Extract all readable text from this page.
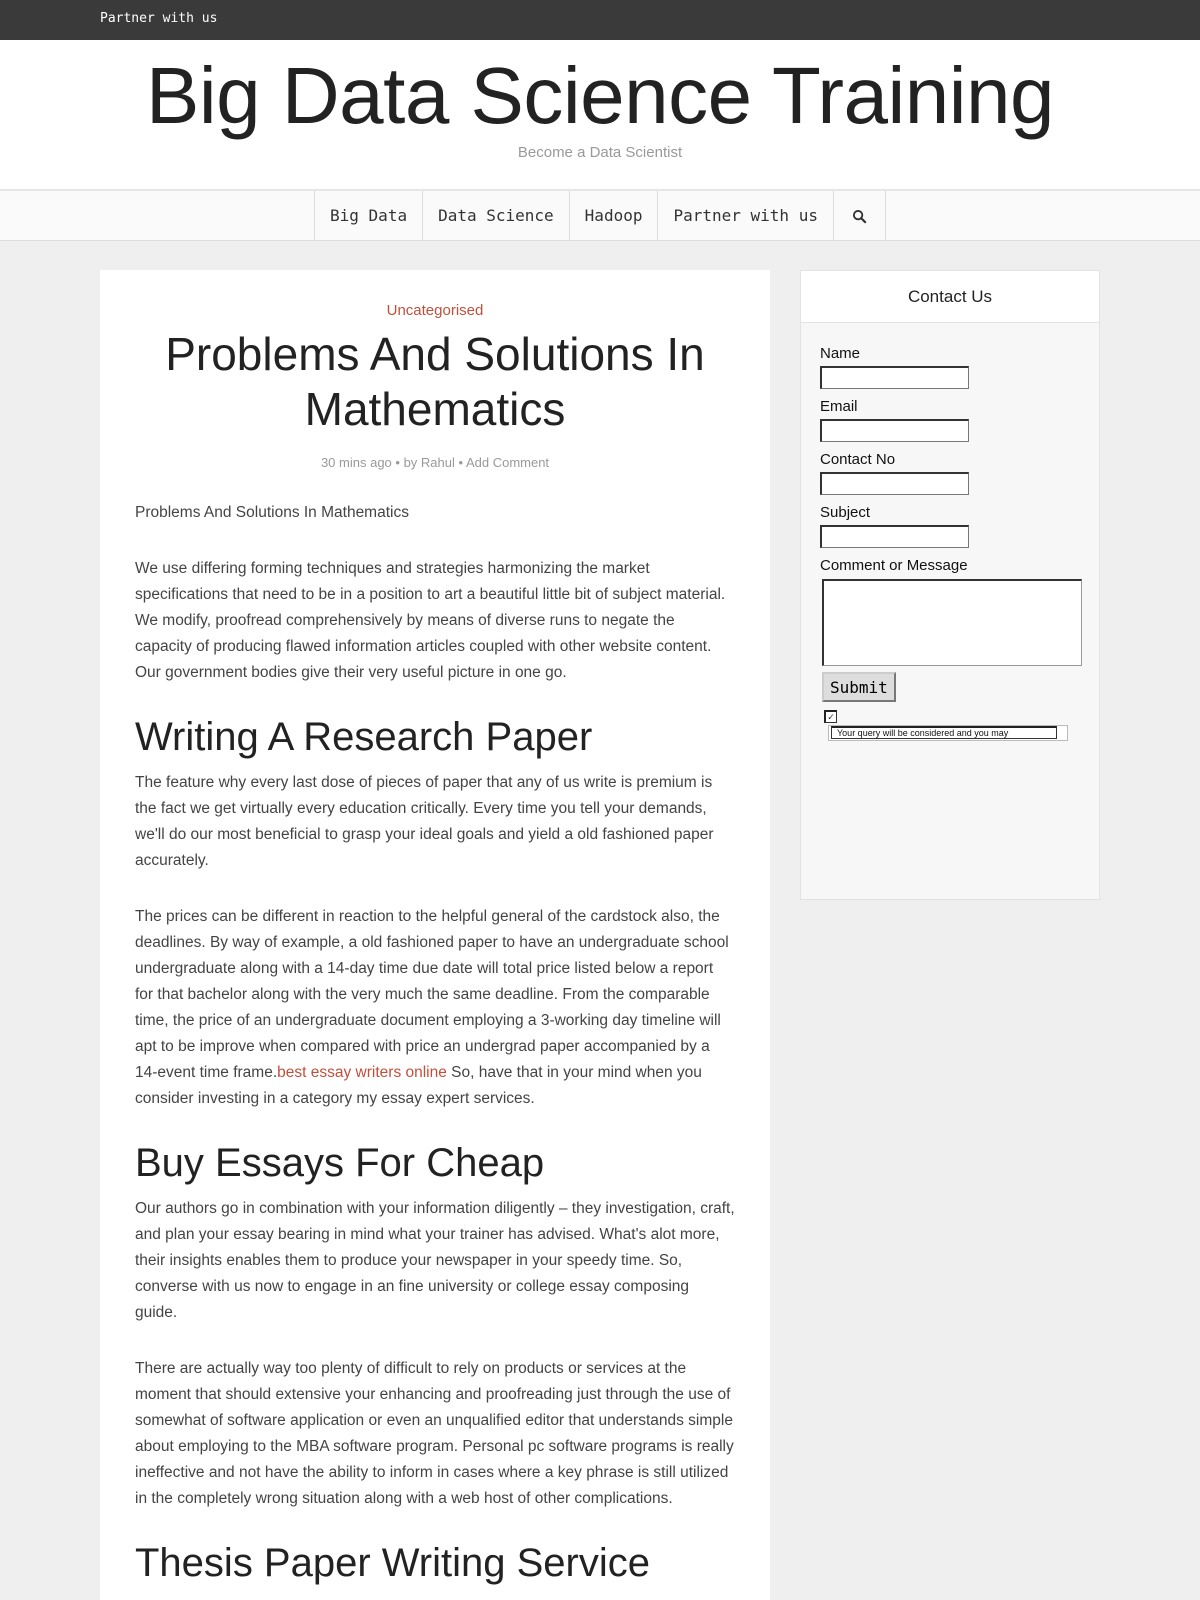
Partner with us
Big Data Science Training
Become a Data Scientist
Big Data	Data Science	Hadoop	Partner with us
Uncategorised
Problems And Solutions In Mathematics
30 mins ago • by Rahul • Add Comment

Problems And Solutions In Mathematics

We use differing forming techniques and strategies harmonizing the market specifications that need to be in a position to art a beautiful little bit of subject material. We modify, proofread comprehensively by means of diverse runs to negate the capacity of producing flawed information articles coupled with other website content. Our government bodies give their very useful picture in one go.

Writing A Research Paper

The feature why every last dose of pieces of paper that any of us write is premium is the fact we get virtually every education critically. Every time you tell your demands, we'll do our most beneficial to grasp your ideal goals and yield a old fashioned paper accurately.

The prices can be different in reaction to the helpful general of the cardstock also, the deadlines. By way of example, a old fashioned paper to have an undergraduate school undergraduate along with a 14-day time due date will total price listed below a report for that bachelor along with the very much the same deadline. From the comparable time, the price of an undergraduate document employing a 3-working day timeline will apt to be improve when compared with price an undergrad paper accompanied by a 14-event time frame.best essay writers online So, have that in your mind when you consider investing in a category my essay expert services.

Buy Essays For Cheap

Our authors go in combination with your information diligently – they investigation, craft, and plan your essay bearing in mind what your trainer has advised. What's alot more, their insights enables them to produce your newspaper in your speedy time. So, converse with us now to engage in an fine university or college essay composing guide.

There are actually way too plenty of difficult to rely on products or services at the moment that should extensive your enhancing and proofreading just through the use of somewhat of software application or even an unqualified editor that understands simple about employing to the MBA software program. Personal pc software programs is really ineffective and not have the ability to inform in cases where a key phrase is still utilized in the completely wrong situation along with a web host of other complications.

Thesis Paper Writing Service
Contact Us
Name
Email
Contact No
Subject
Comment or Message
Submit
✓
Your query will be considered and you may
